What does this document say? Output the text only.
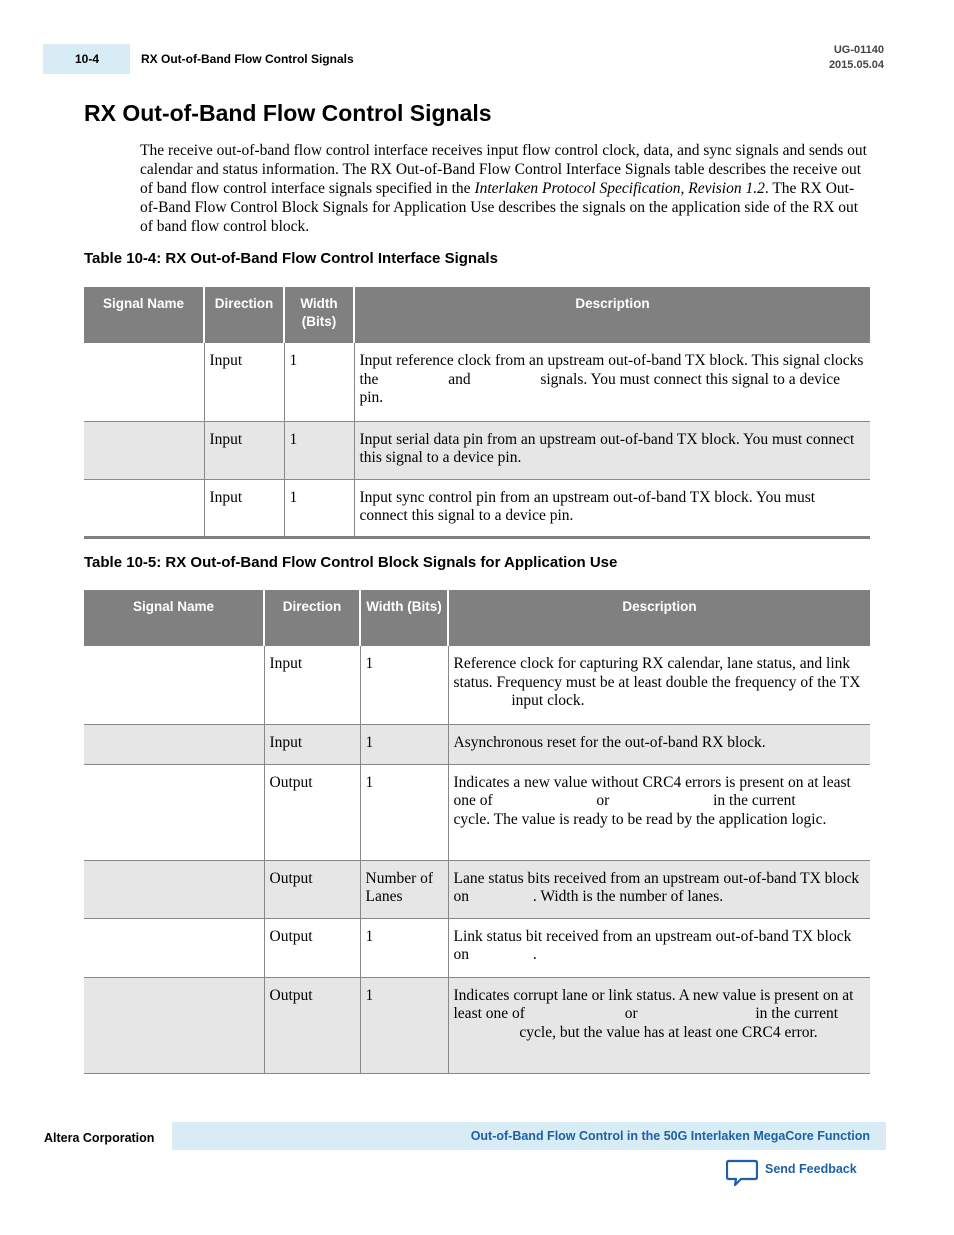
10-4	RX Out-of-Band Flow Control Signals
UG-01140
2015.05.04
RX Out-of-Band Flow Control Signals

The receive out-of-band flow control interface receives input flow control clock, data, and sync signals and sends out calendar and status information. The RX Out-of-Band Flow Control Interface Signals table describes the receive out of band flow control interface signals specified in the Interlaken Protocol Specification, Revision 1.2. The RX Out-of-Band Flow Control Block Signals for Application Use describes the signals on the application side of the RX out of band flow control block.

Table 10-4: RX Out-of-Band Flow Control Interface Signals

Signal Name	Direction	Width (Bits)	Description
	Input	1	Input reference clock from an upstream out-of-band TX block. This signal clocks the and signals. You must connect this signal to a device pin.
	Input	1	Input serial data pin from an upstream out-of-band TX block. You must connect this signal to a device pin.
	Input	1	Input sync control pin from an upstream out-of-band TX block. You must connect this signal to a device pin.

Table 10-5: RX Out-of-Band Flow Control Block Signals for Application Use

Signal Name	Direction	Width (Bits)	Description
	Input	1	Reference clock for capturing RX calendar, lane status, and link status. Frequency must be at least double the frequency of the TX  input clock.
	Input	1	Asynchronous reset for the out-of-band RX block.
	Output	1	Indicates a new value without CRC4 errors is present on at least one of or in the current  cycle. The value is ready to be read by the application logic.
	Output	Number of Lanes	Lane status bits received from an upstream out-of-band TX block on . Width is the number of lanes.
	Output	1	Link status bit received from an upstream out-of-band TX block on .
	Output	1	Indicates corrupt lane or link status. A new value is present on at least one of or in the current  cycle, but the value has at least one CRC4 error.
Altera Corporation	Out-of-Band Flow Control in the 50G Interlaken MegaCore Function
Send Feedback
